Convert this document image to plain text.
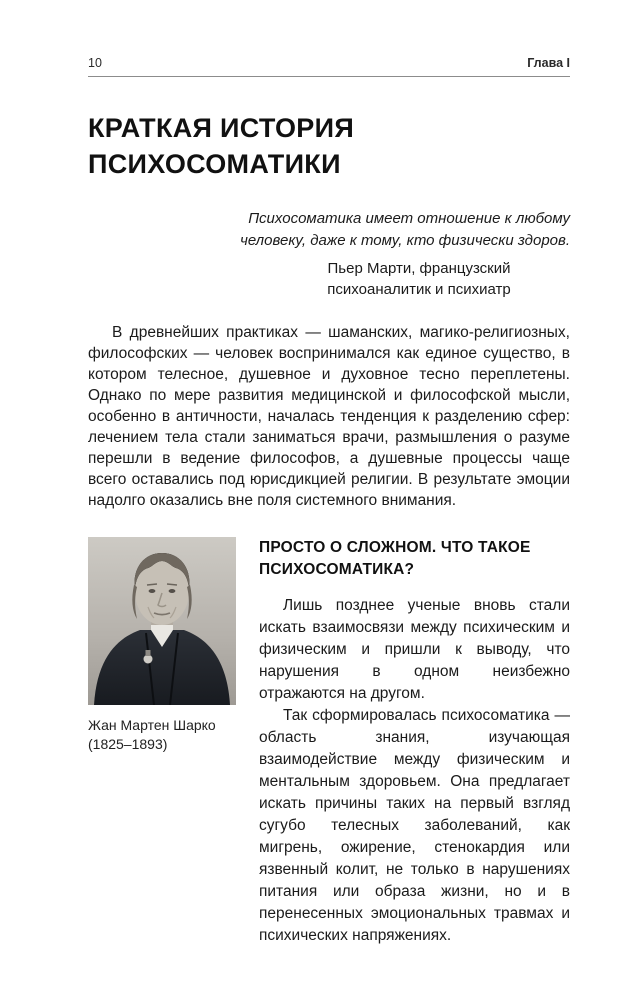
10	Глава I
КРАТКАЯ ИСТОРИЯ
ПСИХОСОМАТИКИ

Психосоматика имеет отношение к любому человеку, даже к тому, кто физически здоров.

Пьер Марти, французский
психоаналитик и психиатр

В древнейших практиках — шаманских, магико-религиозных, философских — человек воспринимался как единое существо, в котором телесное, душевное и духовное тесно переплетены. Однако по мере развития медицинской и философской мысли, особенно в античности, началась тенденция к разделению сфер: лечением тела стали заниматься врачи, размышления о разуме перешли в ведение философов, а душевные процессы чаще всего оставались под юрисдикцией религии. В результате эмоции надолго оказались вне поля системного внимания.

Жан Мартен Шарко (1825–1893)
ПРОСТО О СЛОЖНОМ. ЧТО ТАКОЕ ПСИХОСОМАТИКА?

Лишь позднее ученые вновь стали искать взаимосвязи между психическим и физическим и пришли к выводу, что нарушения в одном неизбежно отражаются на другом.

Так сформировалась психосоматика — область знания, изучающая взаимодействие между физическим и ментальным здоровьем. Она предлагает искать причины таких на первый взгляд сугубо телесных заболеваний, как мигрень, ожирение, стенокардия или язвенный колит, не только в нарушениях питания или образа жизни, но и в перенесенных эмоциональных травмах и психических напряжениях.
